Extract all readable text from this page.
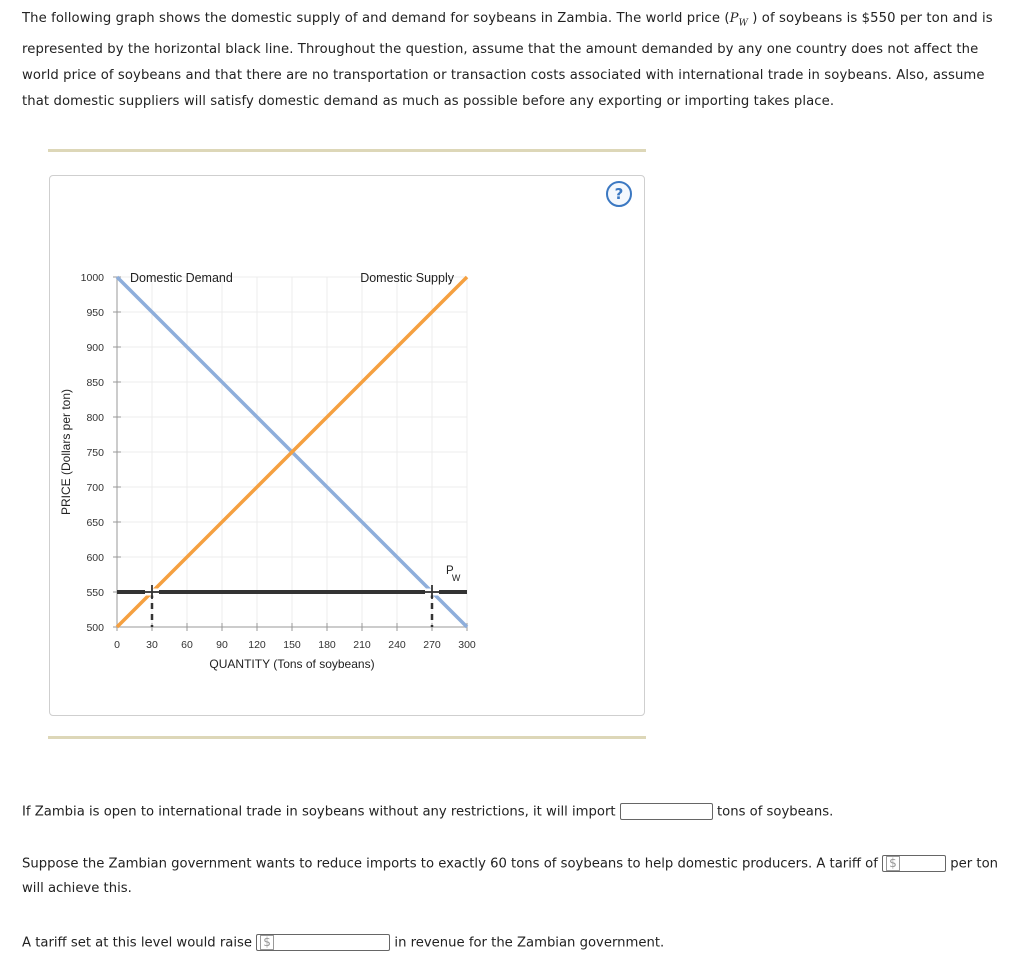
The following graph shows the domestic supply of and demand for soybeans in Zambia. The world price ($P_W$ ) of soybeans is $550 per ton and is represented by the horizontal black line. Throughout the question, assume that the amount demanded by any one country does not affect the world price of soybeans and that there are no transportation or transaction costs associated with international trade in soybeans. Also, assume that domestic suppliers will satisfy domestic demand as much as possible before any exporting or importing takes place.
?
0 30 60 90 120 150 180 210 240 270 300
500
550
600
650
700
750
800
850
900
950
1000
QUANTITY (Tons of soybeans)
PRICE (Dollars per ton)
Domestic Demand	Domestic Supply
P
W
If Zambia is open to international trade in soybeans without any restrictions, it will import	tons of soybeans.
Suppose the Zambian government wants to reduce imports to exactly 60 tons of soybeans to help domestic producers. A tariff of $	per ton
will achieve this.
A tariff set at this level would raise $	in revenue for the Zambian government.
